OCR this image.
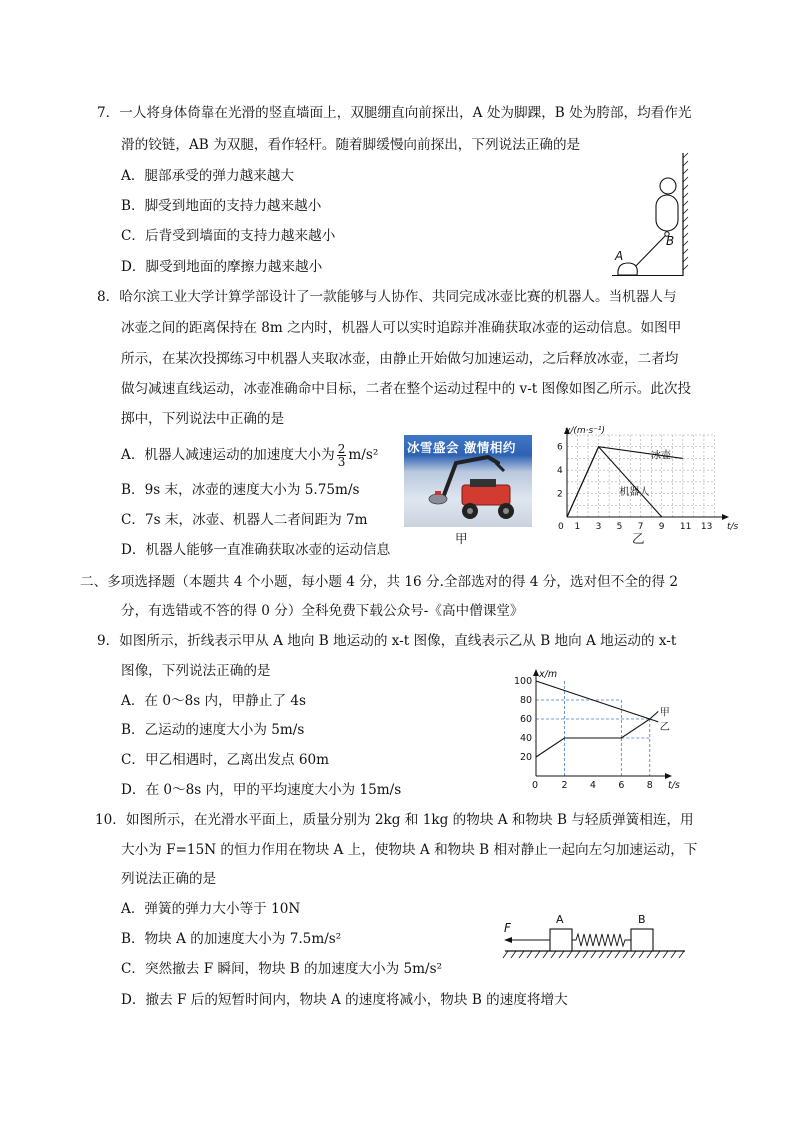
7．一人将身体倚靠在光滑的竖直墙面上，双腿绷直向前探出，A 处为脚踝，B 处为胯部，均看作光
滑的铰链，AB 为双腿，看作轻杆。随着脚缓慢向前探出，下列说法正确的是
A．腿部承受的弹力越来越大
B．脚受到地面的支持力越来越小
C．后背受到墙面的支持力越来越小
D．脚受到地面的摩擦力越来越小
A
B
8．哈尔滨工业大学计算学部设计了一款能够与人协作、共同完成冰壶比赛的机器人。当机器人与
冰壶之间的距离保持在 8m 之内时，机器人可以实时追踪并准确获取冰壶的运动信息。如图甲
所示，在某次投掷练习中机器人夹取冰壶，由静止开始做匀加速运动，之后释放冰壶，二者均
做匀减速直线运动，冰壶准确命中目标，二者在整个运动过程中的 v-t 图像如图乙所示。此次投
掷中，下列说法中正确的是
A．机器人减速运动的加速度大小为 $\frac{2}{3} m/s^2$
B．9s 末，冰壶的速度大小为 5.75m/s
C．7s 末，冰壶、机器人二者间距为 7m
D．机器人能够一直准确获取冰壶的运动信息
冰雪盛会 激情相约
甲
0 1 3 5 7 9 11 13
2
4
6
t/s
v/(m·s⁻¹)
冰壶
机器人
乙
二、多项选择题（本题共 4 个小题，每小题 4 分，共 16 分.全部选对的得 4 分，选对但不全的得 2
分，有选错或不答的得 0 分）全科免费下载公众号-《高中僧课堂》
9．如图所示，折线表示甲从 A 地向 B 地运动的 x-t 图像，直线表示乙从 B 地向 A 地运动的 x-t
图像，下列说法正确的是
A．在 0～8s 内，甲静止了 4s
B．乙运动的速度大小为 5m/s
C．甲乙相遇时，乙离出发点 60m
D．在 0～8s 内，甲的平均速度大小为 15m/s	0 2 4 6 8
20
40
60
80
100
t/s
x/m
甲
乙
10．如图所示，在光滑水平面上，质量分别为 2kg 和 1kg 的物块 A 和物块 B 与轻质弹簧相连，用
大小为 F=15N 的恒力作用在物块 A 上，使物块 A 和物块 B 相对静止一起向左匀加速运动，下
列说法正确的是
A．弹簧的弹力大小等于 10N
B．物块 A 的加速度大小为 7.5m/s²
C．突然撤去 F 瞬间，物块 B 的加速度大小为 5m/s²
D．撤去 F 后的短暂时间内，物块 A 的速度将减小，物块 B 的速度将增大
F
A	B
